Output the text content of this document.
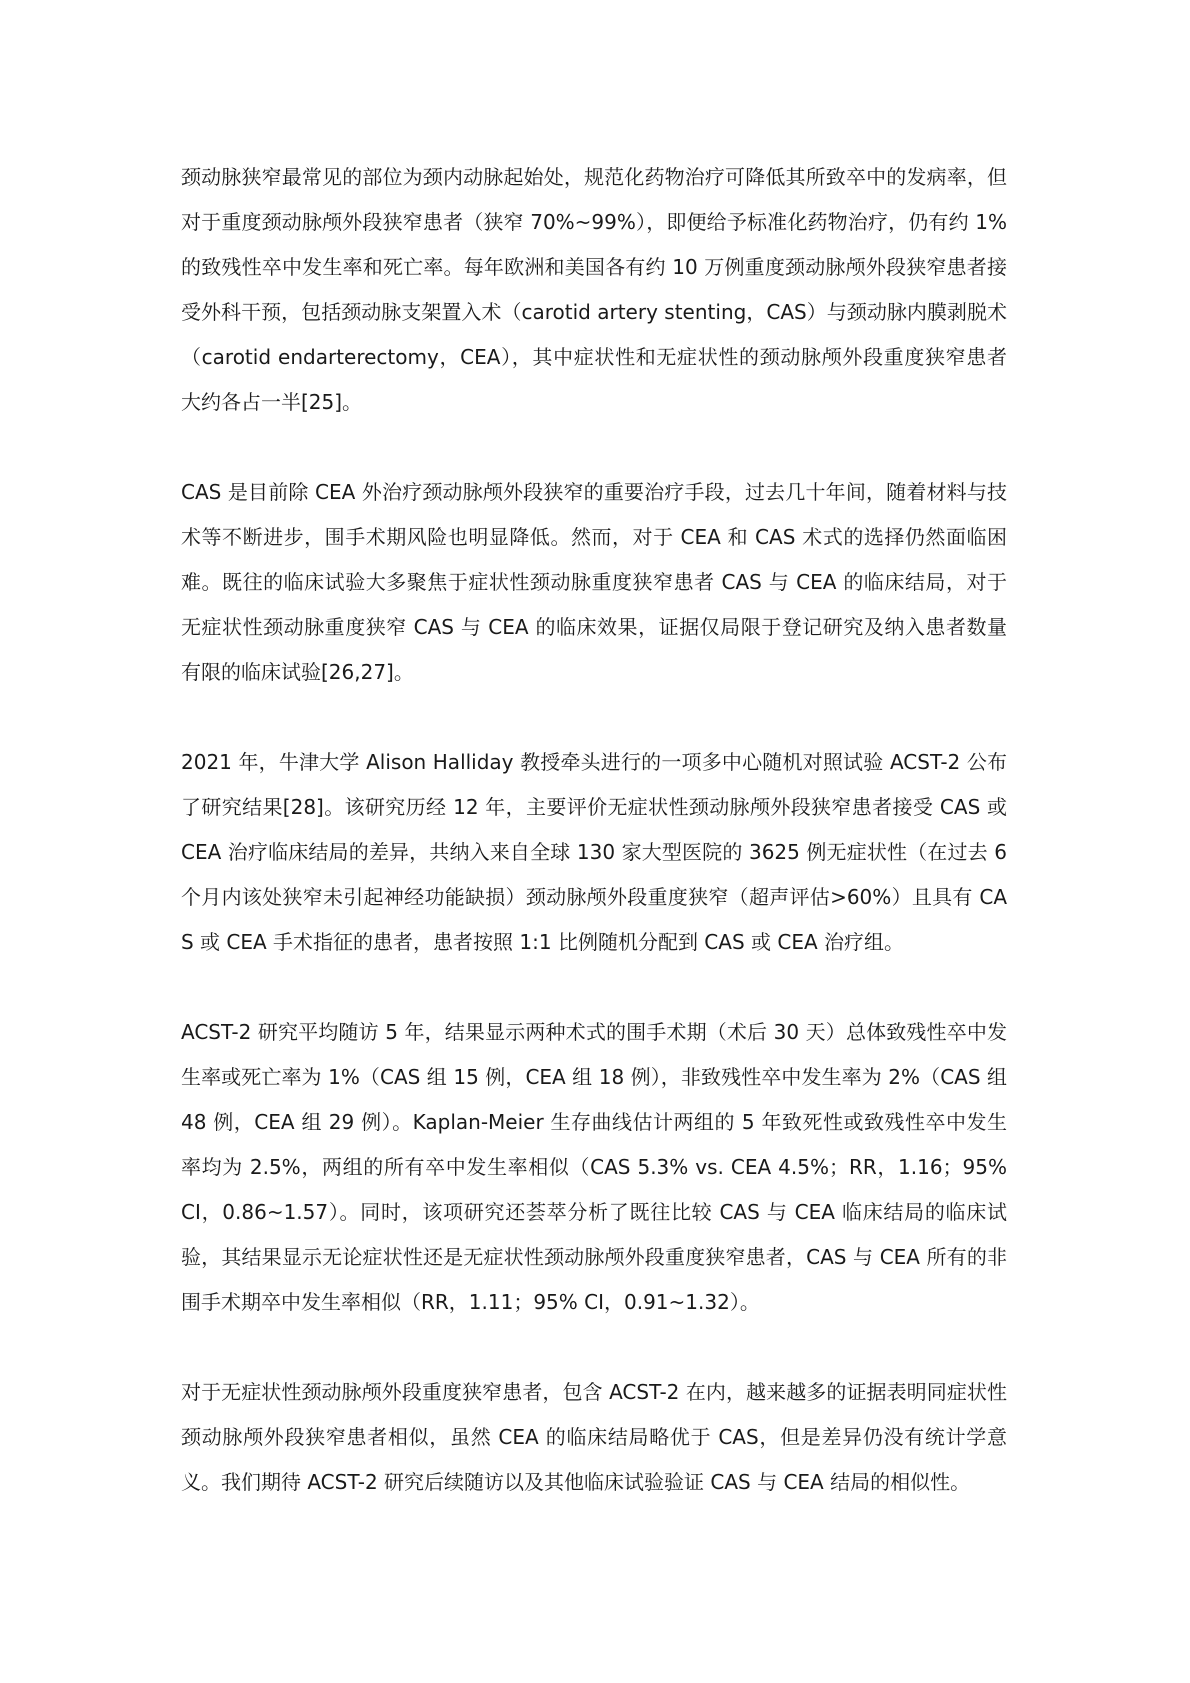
颈动脉狭窄最常见的部位为颈内动脉起始处，规范化药物治疗可降低其所致卒中的发病率，但对于重度颈动脉颅外段狭窄患者（狭窄 70%~99%），即便给予标准化药物治疗，仍有约 1%的致残性卒中发生率和死亡率。每年欧洲和美国各有约 10 万例重度颈动脉颅外段狭窄患者接受外科干预，包括颈动脉支架置入术（carotid artery stenting，CAS）与颈动脉内膜剥脱术（carotid endarterectomy，CEA），其中症状性和无症状性的颈动脉颅外段重度狭窄患者大约各占一半[25]。

CAS 是目前除 CEA 外治疗颈动脉颅外段狭窄的重要治疗手段，过去几十年间，随着材料与技术等不断进步，围手术期风险也明显降低。然而，对于 CEA 和 CAS 术式的选择仍然面临困难。既往的临床试验大多聚焦于症状性颈动脉重度狭窄患者 CAS 与 CEA 的临床结局，对于无症状性颈动脉重度狭窄 CAS 与 CEA 的临床效果，证据仅局限于登记研究及纳入患者数量有限的临床试验[26,27]。

2021 年，牛津大学 Alison Halliday 教授牵头进行的一项多中心随机对照试验 ACST-2 公布了研究结果[28]。该研究历经 12 年，主要评价无症状性颈动脉颅外段狭窄患者接受 CAS 或 CEA 治疗临床结局的差异，共纳入来自全球 130 家大型医院的 3625 例无症状性（在过去 6 个月内该处狭窄未引起神经功能缺损）颈动脉颅外段重度狭窄（超声评估>60%）且具有 CAS 或 CEA 手术指征的患者，患者按照 1:1 比例随机分配到 CAS 或 CEA 治疗组。

ACST-2 研究平均随访 5 年，结果显示两种术式的围手术期（术后 30 天）总体致残性卒中发生率或死亡率为 1%（CAS 组 15 例，CEA 组 18 例），非致残性卒中发生率为 2%（CAS 组 48 例，CEA 组 29 例）。Kaplan-Meier 生存曲线估计两组的 5 年致死性或致残性卒中发生率均为 2.5%，两组的所有卒中发生率相似（CAS 5.3% vs. CEA 4.5%；RR，1.16；95% CI，0.86~1.57）。同时，该项研究还荟萃分析了既往比较 CAS 与 CEA 临床结局的临床试验，其结果显示无论症状性还是无症状性颈动脉颅外段重度狭窄患者，CAS 与 CEA 所有的非围手术期卒中发生率相似（RR，1.11；95% CI，0.91~1.32）。

对于无症状性颈动脉颅外段重度狭窄患者，包含 ACST-2 在内，越来越多的证据表明同症状性颈动脉颅外段狭窄患者相似，虽然 CEA 的临床结局略优于 CAS，但是差异仍没有统计学意义。我们期待 ACST-2 研究后续随访以及其他临床试验验证 CAS 与 CEA 结局的相似性。
